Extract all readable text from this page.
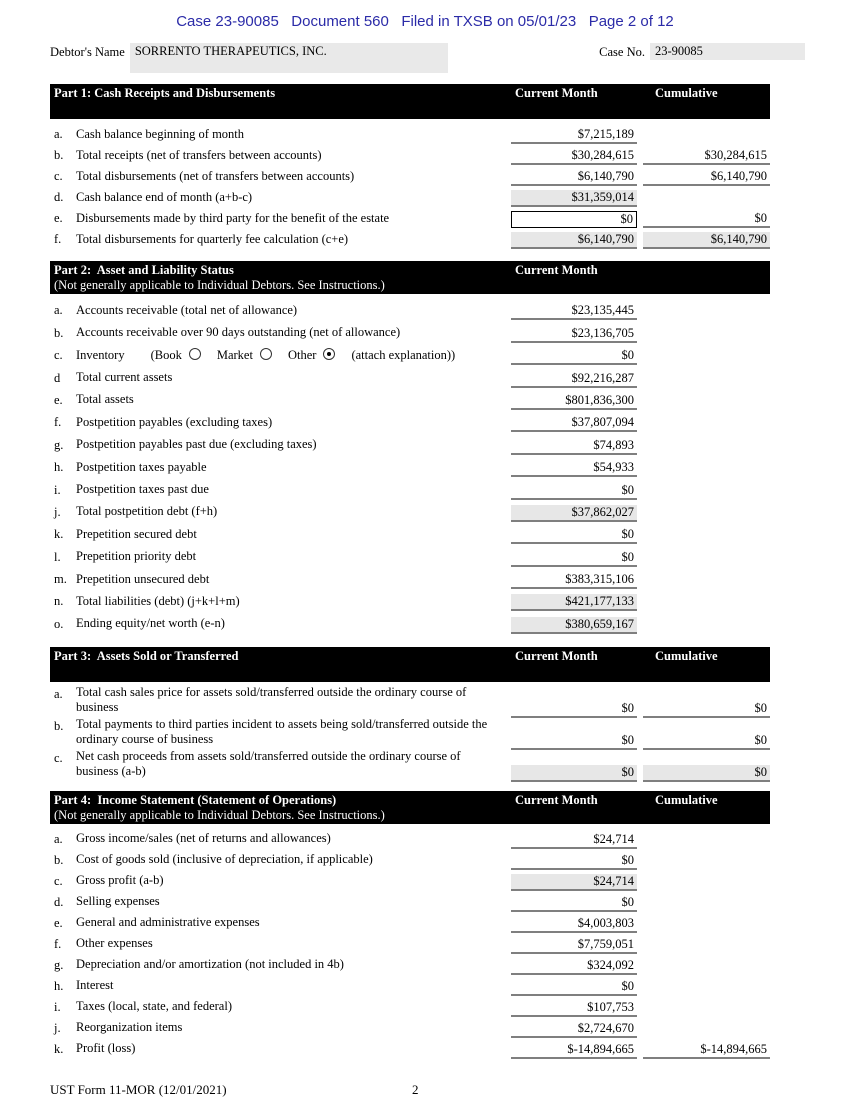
Case 23-90085   Document 560   Filed in TXSB on 05/01/23   Page 2 of 12
Debtor's Name SORRENTO THERAPEUTICS, INC.	Case No. 23-90085
Part 1: Cash Receipts and Disbursements	Current Month	Cumulative
a.	Cash balance beginning of month	$7,215,189
b.	Total receipts (net of transfers between accounts)	$30,284,615	$30,284,615
c.	Total disbursements (net of transfers between accounts)	$6,140,790	$6,140,790
d.	Cash balance end of month (a+b-c)	$31,359,014
e.	Disbursements made by third party for the benefit of the estate	$0	$0
f.	Total disbursements for quarterly fee calculation (c+e)	$6,140,790	$6,140,790
Part 2:  Asset and Liability Status
(Not generally applicable to Individual Debtors. See Instructions.)
Current Month
a.	Accounts receivable (total net of allowance)	$23,135,445
b.	Accounts receivable over 90 days outstanding (net of allowance)	$23,136,705
c.	Inventory (Book	Market	Other	(attach explanation))	$0
d	Total current assets	$92,216,287
e.	Total assets	$801,836,300
f.	Postpetition payables (excluding taxes)	$37,807,094
g.	Postpetition payables past due (excluding taxes)	$74,893
h.	Postpetition taxes payable	$54,933
i.	Postpetition taxes past due	$0
j.	Total postpetition debt (f+h)	$37,862,027
k.	Prepetition secured debt	$0
l.	Prepetition priority debt	$0
m. Prepetition unsecured debt	$383,315,106
n.	Total liabilities (debt) (j+k+l+m)	$421,177,133
o.	Ending equity/net worth (e-n)	$380,659,167
Part 3:  Assets Sold or Transferred	Current Month	Cumulative
a.	Total cash sales price for assets sold/transferred outside the ordinary course of business	$0	$0
b.	Total payments to third parties incident to assets being sold/transferred outside the ordinary course of business	$0	$0
c.	Net cash proceeds from assets sold/transferred outside the ordinary course of business (a-b)	$0	$0
Part 4:  Income Statement (Statement of Operations)
(Not generally applicable to Individual Debtors. See Instructions.)
Current Month	Cumulative
a.	Gross income/sales (net of returns and allowances)	$24,714
b.	Cost of goods sold (inclusive of depreciation, if applicable)	$0
c.	Gross profit (a-b)	$24,714
d.	Selling expenses	$0
e.	General and administrative expenses	$4,003,803
f.	Other expenses	$7,759,051
g.	Depreciation and/or amortization (not included in 4b)	$324,092
h.	Interest	$0
i.	Taxes (local, state, and federal)	$107,753
j.	Reorganization items	$2,724,670
k.	Profit (loss)	$-14,894,665	$-14,894,665
UST Form 11-MOR (12/01/2021)	2
